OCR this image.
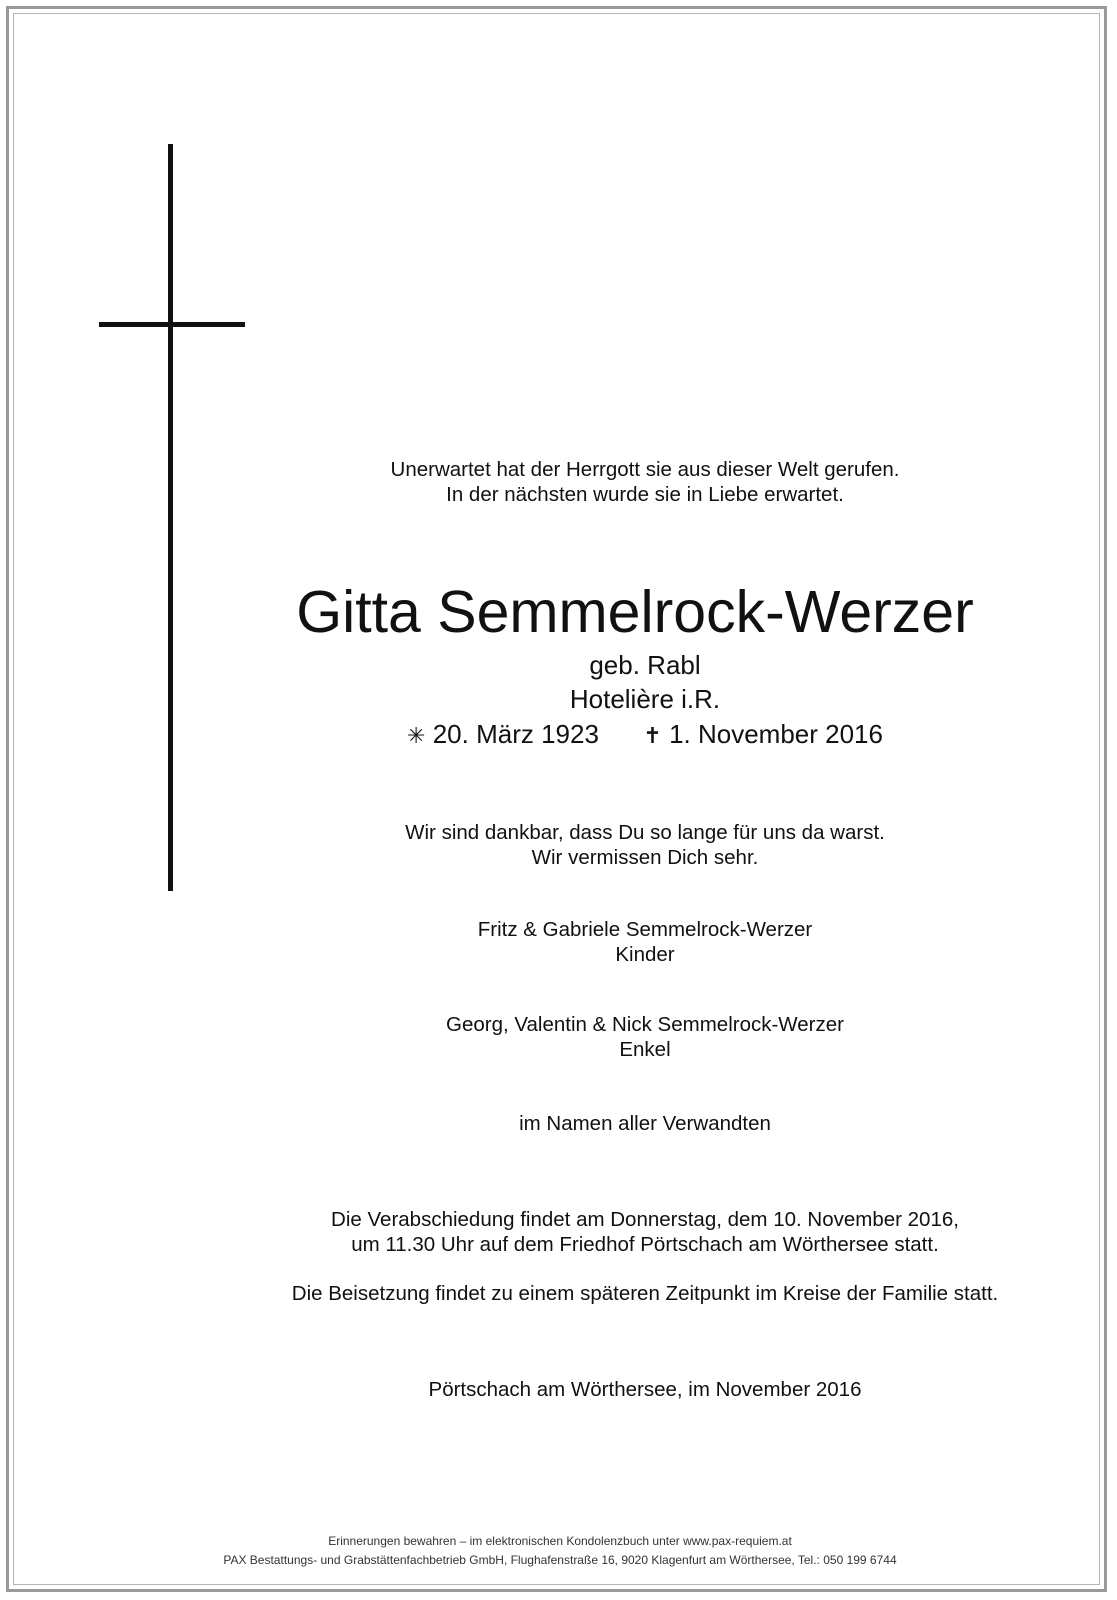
Unerwartet hat der Herrgott sie aus dieser Welt gerufen.
In der nächsten wurde sie in Liebe erwartet.
Gitta Semmelrock-Werzer
geb. Rabl
Hotelière i.R.
✳ 20. März 1923 ✝ 1. November 2016
Wir sind dankbar, dass Du so lange für uns da warst.
Wir vermissen Dich sehr.
Fritz & Gabriele Semmelrock-Werzer
Kinder
Georg, Valentin & Nick Semmelrock-Werzer
Enkel
im Namen aller Verwandten
Die Verabschiedung findet am Donnerstag, dem 10. November 2016,
um 11.30 Uhr auf dem Friedhof Pörtschach am Wörthersee statt.
Die Beisetzung findet zu einem späteren Zeitpunkt im Kreise der Familie statt.
Pörtschach am Wörthersee, im November 2016
Erinnerungen bewahren – im elektronischen Kondolenzbuch unter www.pax-requiem.at
PAX Bestattungs- und Grabstättenfachbetrieb GmbH, Flughafenstraße 16, 9020 Klagenfurt am Wörthersee, Tel.: 050 199 6744
